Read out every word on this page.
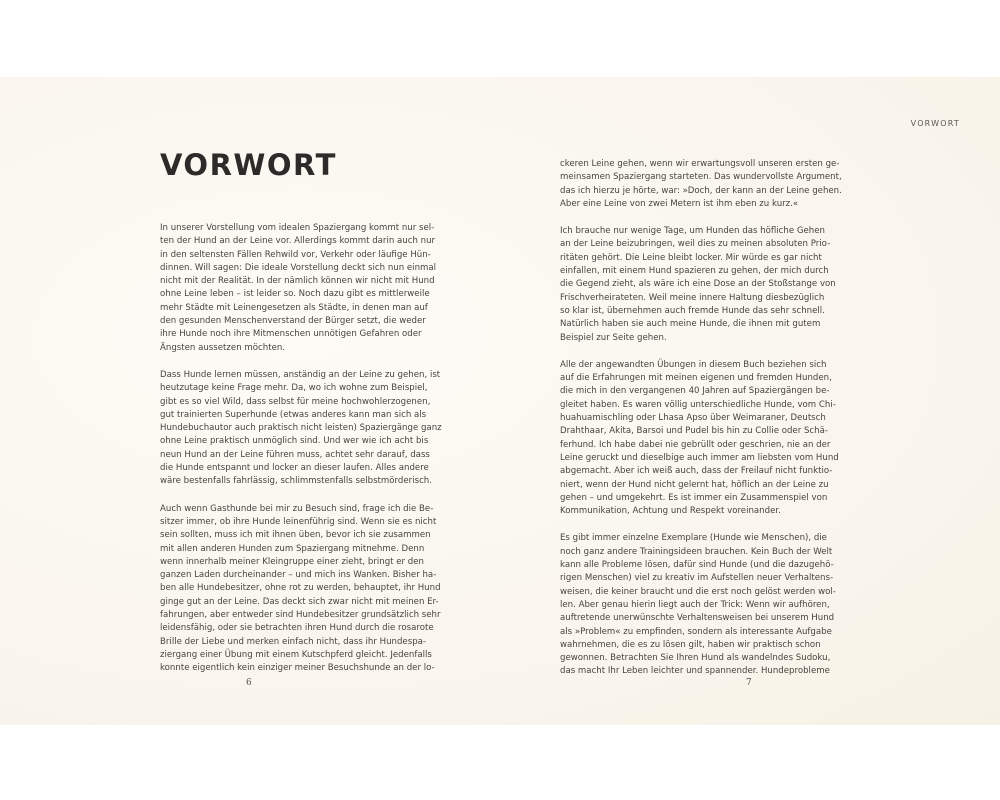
VORWORT

In unserer Vorstellung vom idealen Spaziergang kommt nur sel-
ten der Hund an der Leine vor. Allerdings kommt darin auch nur
in den seltensten Fällen Rehwild vor, Verkehr oder läufige Hün-
dinnen. Will sagen: Die ideale Vorstellung deckt sich nun einmal
nicht mit der Realität. In der nämlich können wir nicht mit Hund
ohne Leine leben – ist leider so. Noch dazu gibt es mittlerweile
mehr Städte mit Leinengesetzen als Städte, in denen man auf
den gesunden Menschenverstand der Bürger setzt, die weder
ihre Hunde noch ihre Mitmenschen unnötigen Gefahren oder
Ängsten aussetzen möchten.

Dass Hunde lernen müssen, anständig an der Leine zu gehen, ist
heutzutage keine Frage mehr. Da, wo ich wohne zum Beispiel,
gibt es so viel Wild, dass selbst für meine hochwohlerzogenen,
gut trainierten Superhunde (etwas anderes kann man sich als
Hundebuchautor auch praktisch nicht leisten) Spaziergänge ganz
ohne Leine praktisch unmöglich sind. Und wer wie ich acht bis
neun Hund an der Leine führen muss, achtet sehr darauf, dass
die Hunde entspannt und locker an dieser laufen. Alles andere
wäre bestenfalls fahrlässig, schlimmstenfalls selbstmörderisch.

Auch wenn Gasthunde bei mir zu Besuch sind, frage ich die Be-
sitzer immer, ob ihre Hunde leinenführig sind. Wenn sie es nicht
sein sollten, muss ich mit ihnen üben, bevor ich sie zusammen
mit allen anderen Hunden zum Spaziergang mitnehme. Denn
wenn innerhalb meiner Kleingruppe einer zieht, bringt er den
ganzen Laden durcheinander – und mich ins Wanken. Bisher ha-
ben alle Hundebesitzer, ohne rot zu werden, behauptet, ihr Hund
ginge gut an der Leine. Das deckt sich zwar nicht mit meinen Er-
fahrungen, aber entweder sind Hundebesitzer grundsätzlich sehr
leidensfähig, oder sie betrachten ihren Hund durch die rosarote
Brille der Liebe und merken einfach nicht, dass ihr Hundespa-
ziergang einer Übung mit einem Kutschpferd gleicht. Jedenfalls
konnte eigentlich kein einziger meiner Besuchshunde an der lo-

6
VORWORT

ckeren Leine gehen, wenn wir erwartungsvoll unseren ersten ge-
meinsamen Spaziergang starteten. Das wundervollste Argument,
das ich hierzu je hörte, war: »Doch, der kann an der Leine gehen.
Aber eine Leine von zwei Metern ist ihm eben zu kurz.«

Ich brauche nur wenige Tage, um Hunden das höfliche Gehen
an der Leine beizubringen, weil dies zu meinen absoluten Prio-
ritäten gehört. Die Leine bleibt locker. Mir würde es gar nicht
einfallen, mit einem Hund spazieren zu gehen, der mich durch
die Gegend zieht, als wäre ich eine Dose an der Stoßstange von
Frischverheirateten. Weil meine innere Haltung diesbezüglich
so klar ist, übernehmen auch fremde Hunde das sehr schnell.
Natürlich haben sie auch meine Hunde, die ihnen mit gutem
Beispiel zur Seite gehen.

Alle der angewandten Übungen in diesem Buch beziehen sich
auf die Erfahrungen mit meinen eigenen und fremden Hunden,
die mich in den vergangenen 40 Jahren auf Spaziergängen be-
gleitet haben. Es waren völlig unterschiedliche Hunde, vom Chi-
huahuamischling oder Lhasa Apso über Weimaraner, Deutsch
Drahthaar, Akita, Barsoi und Pudel bis hin zu Collie oder Schä-
ferhund. Ich habe dabei nie gebrüllt oder geschrien, nie an der
Leine geruckt und dieselbige auch immer am liebsten vom Hund
abgemacht. Aber ich weiß auch, dass der Freilauf nicht funktio-
niert, wenn der Hund nicht gelernt hat, höflich an der Leine zu
gehen – und umgekehrt. Es ist immer ein Zusammenspiel von
Kommunikation, Achtung und Respekt voreinander.

Es gibt immer einzelne Exemplare (Hunde wie Menschen), die
noch ganz andere Trainingsideen brauchen. Kein Buch der Welt
kann alle Probleme lösen, dafür sind Hunde (und die dazugehö-
rigen Menschen) viel zu kreativ im Aufstellen neuer Verhaltens-
weisen, die keiner braucht und die erst noch gelöst werden wol-
len. Aber genau hierin liegt auch der Trick: Wenn wir aufhören,
auftretende unerwünschte Verhaltensweisen bei unserem Hund
als »Problem« zu empfinden, sondern als interessante Aufgabe
wahrnehmen, die es zu lösen gilt, haben wir praktisch schon
gewonnen. Betrachten Sie Ihren Hund als wandelndes Sudoku,
das macht Ihr Leben leichter und spannender. Hundeprobleme

7
